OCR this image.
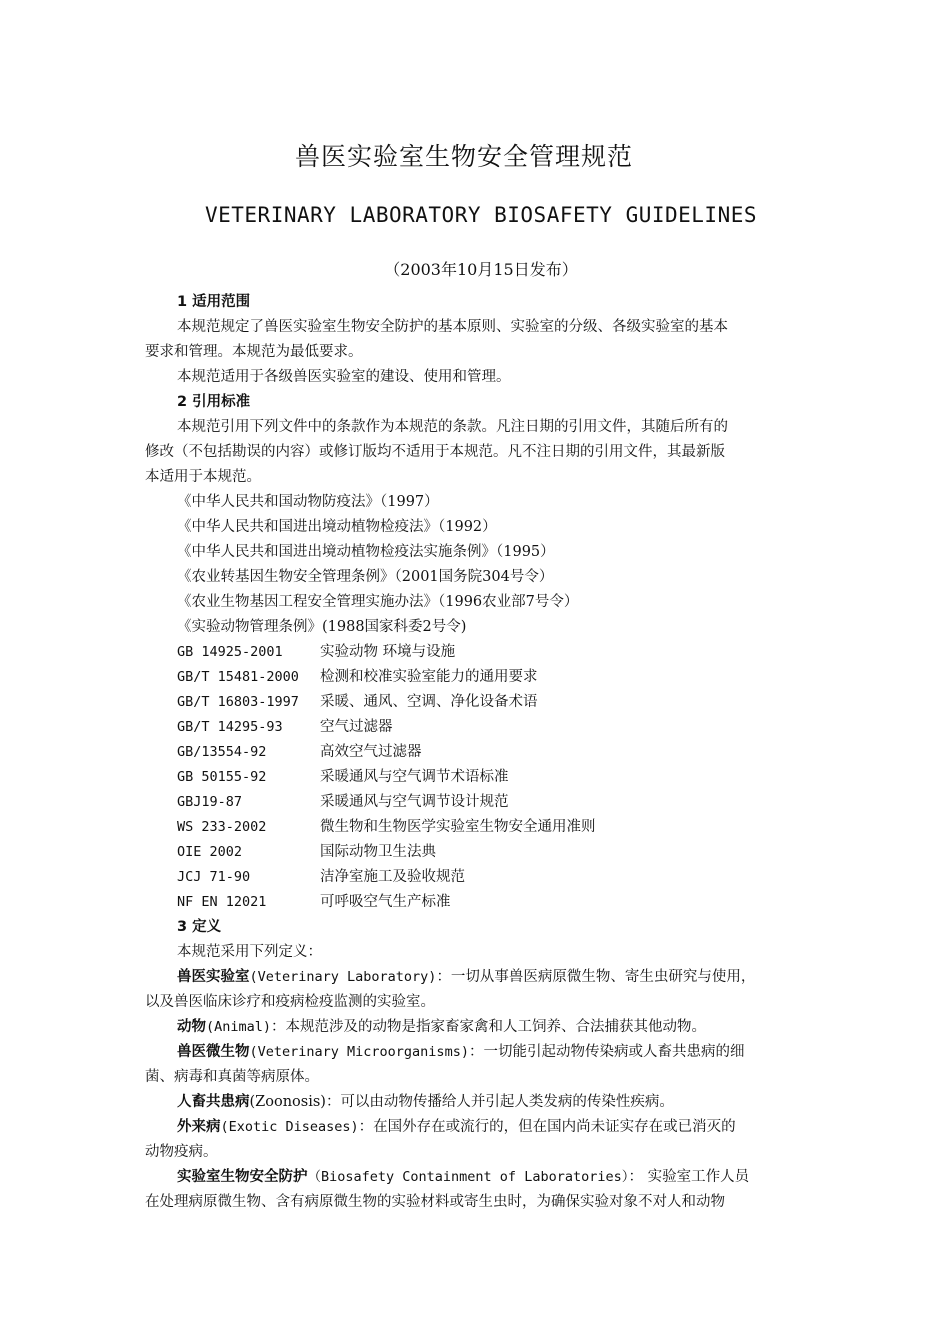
兽医实验室生物安全管理规范
VETERINARY LABORATORY BIOSAFETY GUIDELINES
（2003年10月15日发布）
1 适用范围
本规范规定了兽医实验室生物安全防护的基本原则、实验室的分级、各级实验室的基本
要求和管理。本规范为最低要求。
本规范适用于各级兽医实验室的建设、使用和管理。
2 引用标准
本规范引用下列文件中的条款作为本规范的条款。凡注日期的引用文件，其随后所有的
修改（不包括勘误的内容）或修订版均不适用于本规范。凡不注日期的引用文件，其最新版
本适用于本规范。
《中华人民共和国动物防疫法》（1997）
《中华人民共和国进出境动植物检疫法》（1992）
《中华人民共和国进出境动植物检疫法实施条例》（1995）
《农业转基因生物安全管理条例》（2001国务院304号令）
《农业生物基因工程安全管理实施办法》（1996农业部7号令）
《实验动物管理条例》(1988国家科委2号令)
GB 14925-2001	实验动物 环境与设施
GB/T 15481-2000	检测和校准实验室能力的通用要求
GB/T 16803-1997	采暖、通风、空调、净化设备术语
GB/T 14295-93	空气过滤器
GB/13554-92	高效空气过滤器
GB 50155-92	采暖通风与空气调节术语标准
GBJ19-87	采暖通风与空气调节设计规范
WS 233-2002	微生物和生物医学实验室生物安全通用准则
OIE 2002	国际动物卫生法典
JCJ 71-90	洁净室施工及验收规范
NF EN 12021	可呼吸空气生产标准
3 定义
本规范采用下列定义：
兽医实验室(Veterinary Laboratory)：一切从事兽医病原微生物、寄生虫研究与使用，
以及兽医临床诊疗和疫病检疫监测的实验室。
动物(Animal)：本规范涉及的动物是指家畜家禽和人工饲养、合法捕获其他动物。
兽医微生物(Veterinary Microorganisms)：一切能引起动物传染病或人畜共患病的细
菌、病毒和真菌等病原体。
人畜共患病(Zoonosis)：可以由动物传播给人并引起人类发病的传染性疾病。
外来病(Exotic Diseases)：在国外存在或流行的，但在国内尚未证实存在或已消灭的
动物疫病。
实验室生物安全防护（Biosafety Containment of Laboratories）： 实验室工作人员
在处理病原微生物、含有病原微生物的实验材料或寄生虫时，为确保实验对象不对人和动物
